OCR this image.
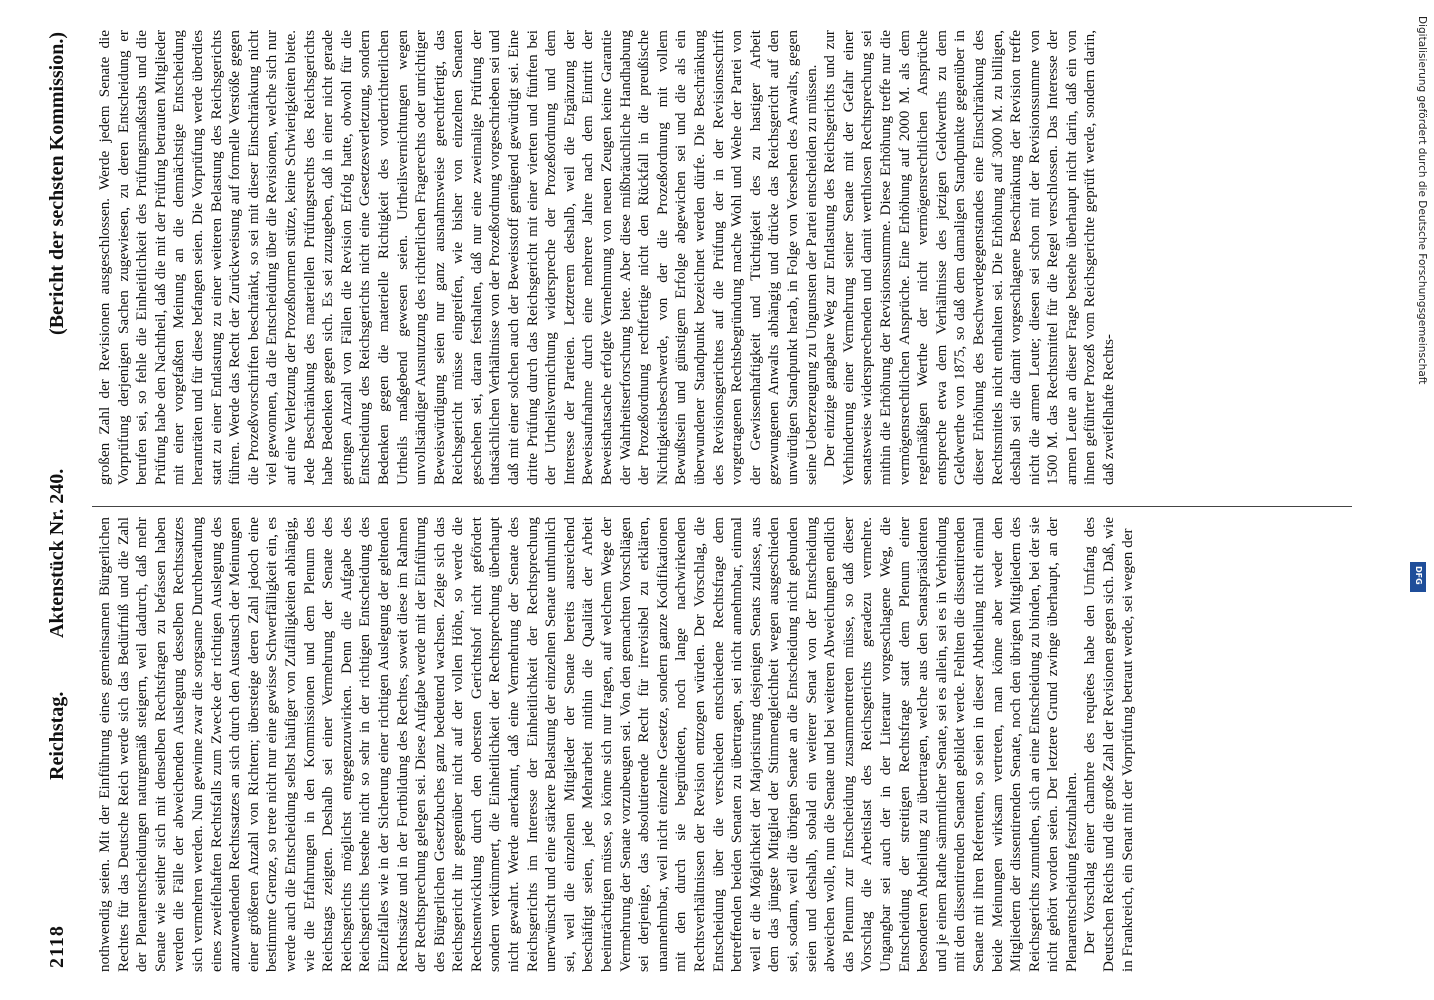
2118
Reichstag.
Aktenstück Nr. 240.
(Bericht der sechsten Kommission.)

nothwendig seien. Mit der Einführung eines gemeinsamen Bürgerlichen Rechtes für das Deutsche Reich werde sich das Bedürfniß und die Zahl der Plenarentscheidungen naturgemäß steigern, weil dadurch, daß mehr Senate wie seither sich mit denselben Rechtsfragen zu befassen haben werden die Fälle der abweichenden Auslegung desselben Rechtssatzes sich vermehren werden. Nun gewinne zwar die sorgsame Durchberathung eines zweifelhaften Rechtsfalls zum Zwecke der richtigen Auslegung des anzuwendenden Rechtssatzes an sich durch den Austausch der Meinungen einer größeren Anzahl von Richtern; übersteige deren Zahl jedoch eine bestimmte Grenze, so trete nicht nur eine gewisse Schwerfälligkeit ein, es werde auch die Entscheidung selbst häufiger von Zufälligkeiten abhängig, wie die Erfahrungen in den Kommissionen und dem Plenum des Reichstags zeigten. Deshalb sei einer Vermehrung der Senate des Reichsgerichts möglichst entgegenzuwirken. Denn die Aufgabe des Reichsgerichts bestehe nicht so sehr in der richtigen Entscheidung des Einzelfalles wie in der Sicherung einer richtigen Auslegung der geltenden Rechtssätze und in der Fortbildung des Rechtes, soweit diese im Rahmen der Rechtsprechung gelegen sei. Diese Aufgabe werde mit der Einführung des Bürgerlichen Gesetzbuches ganz bedeutend wachsen. Zeige sich das Reichsgericht ihr gegenüber nicht auf der vollen Höhe, so werde die Rechtsentwicklung durch den obersten Gerichtshof nicht gefördert sondern verkümmert, die Einheitlichkeit der Rechtsprechung überhaupt nicht gewahrt. Werde anerkannt, daß eine Vermehrung der Senate des Reichsgerichts im Interesse der Einheitlichkeit der Rechtsprechung unerwünscht und eine stärkere Belastung der einzelnen Senate unthunlich sei, weil die einzelnen Mitglieder der Senate bereits ausreichend beschäftigt seien, jede Mehrarbeit mithin die Qualität der Arbeit beeinträchtigen müsse, so könne sich nur fragen, auf welchem Wege der Vermehrung der Senate vorzubeugen sei. Von den gemachten Vorschlägen sei derjenige, das absolutierende Recht für irrevisibel zu erklären, unannehmbar, weil nicht einzelne Gesetze, sondern ganze Kodifikationen mit den durch sie begründeten, noch lange nachwirkenden Rechtsverhältnissen der Revision entzogen würden. Der Vorschlag, die Entscheidung über die verschieden entschiedene Rechtsfrage dem betreffenden beiden Senaten zu übertragen, sei nicht annehmbar, einmal weil er die Möglichkeit der Majorisirung desjenigen Senats zulasse, aus dem das jüngste Mitglied der Stimmengleichheit wegen ausgeschieden sei, sodann, weil die übrigen Senate an die Entscheidung nicht gebunden seien und deshalb, sobald ein weiterer Senat von der Entscheidung abweichen wolle, nun die Senate und bei weiteren Abweichungen endlich das Plenum zur Entscheidung zusammentreten müsse, so daß dieser Vorschlag die Arbeitslast des Reichsgerichts geradezu vermehre. Ungangbar sei auch der in der Literatur vorgeschlagene Weg, die Entscheidung der streitigen Rechtsfrage statt dem Plenum einer besonderen Abtheilung zu übertragen, welche aus den Senatspräsidenten und je einem Rathe sämmtlicher Senate, sei es allein, sei es in Verbindung mit den dissentirenden Senaten gebildet werde. Fehlten die dissentirenden Senate mit ihren Referenten, so seien in dieser Abtheilung nicht einmal beide Meinungen wirksam vertreten, man könne aber weder den Mitgliedern der dissentirenden Senate, noch den übrigen Mitgliedern des Reichsgerichts zumuthen, sich an eine Entscheidung zu binden, bei der sie nicht gehört worden seien. Der letztere Grund zwinge überhaupt, an der Plenarentscheidung festzuhalten. Der Vorschlag einer chambre des requêtes habe den Umfang des Deutschen Reichs und die große Zahl der Revisionen gegen sich. Daß, wie in Frankreich, ein Senat mit der Vorprüfung betraut werde, sei wegen der

großen Zahl der Revisionen ausgeschlossen. Werde jedem Senate die Vorprüfung derjenigen Sachen zugewiesen, zu deren Entscheidung er berufen sei, so fehle die Einheitlichkeit des Prüfungsmaßstabs und die Prüfung habe den Nachtheil, daß die mit der Prüfung betrauten Mitglieder mit einer vorgefaßten Meinung an die demnächstige Entscheidung heranträten und für diese befangen seien. Die Vorprüfung werde überdies statt zu einer Entlastung zu einer weiteren Belastung des Reichsgerichts führen. Werde das Recht der Zurückweisung auf formelle Verstöße gegen die Prozeßvorschriften beschränkt, so sei mit dieser Einschränkung nicht viel gewonnen, da die Entscheidung über die Revisionen, welche sich nur auf eine Verletzung der Prozeßnormen stütze, keine Schwierigkeiten biete. Jede Beschränkung des materiellen Prüfungsrechts des Reichsgerichts habe Bedenken gegen sich. Es sei zuzugeben, daß in einer nicht gerade geringen Anzahl von Fällen die Revision Erfolg hatte, obwohl für die Entscheidung des Reichsgerichts nicht eine Gesetzesverletzung, sondern Bedenken gegen die materielle Richtigkeit des vorderrichterlichen Urtheils maßgebend gewesen seien. Urtheilsvernichtungen wegen unvollständiger Ausnutzung des richterlichen Fragerechts oder unrichtiger Beweiswürdigung seien nur ganz ausnahmsweise gerechtfertigt, das Reichsgericht müsse eingreifen, wie bisher von einzelnen Senaten geschehen sei, daran festhalten, daß nur eine zweimalige Prüfung der thatsächlichen Verhältnisse von der Prozeßordnung vorgeschrieben sei und daß mit einer solchen auch der Beweisstoff genügend gewürdigt sei. Eine dritte Prüfung durch das Reichsgericht mit einer vierten und fünften bei der Urtheilsvernichtung widerspreche der Prozeßordnung und dem Interesse der Parteien. Letzterem deshalb, weil die Ergänzung der Beweisaufnahme durch eine mehrere Jahre nach dem Eintritt der Beweisthatsache erfolgte Vernehmung von neuen Zeugen keine Garantie der Wahrheitserforschung biete. Aber diese mißbräuchliche Handhabung der Prozeßordnung rechtfertige nicht den Rückfall in die preußische Nichtigkeitsbeschwerde, von der die Prozeßordnung mit vollem Bewußtsein und günstigem Erfolge abgewichen sei und die als ein überwundener Standpunkt bezeichnet werden dürfe. Die Beschränkung des Revisionsgerichtes auf die Prüfung der in der Revisionsschrift vorgetragenen Rechtsbegründung mache Wohl und Wehe der Partei von der Gewissenhaftigkeit und Tüchtigkeit des zu hastiger Arbeit gezwungenen Anwalts abhängig und drücke das Reichsgericht auf den unwürdigen Standpunkt herab, in Folge von Versehen des Anwalts, gegen seine Ueberzeugung zu Ungunsten der Partei entscheiden zu müssen. Der einzige gangbare Weg zur Entlastung des Reichsgerichts und zur Verhinderung einer Vermehrung seiner Senate mit der Gefahr einer senatsweise widersprechenden und damit werthlosen Rechtsprechung sei mithin die Erhöhung der Revisionssumme. Diese Erhöhung treffe nur die vermögensrechtlichen Ansprüche. Eine Erhöhung auf 2000 M. als dem regelmäßigen Werthe der nicht vermögensrechtlichen Ansprüche entspreche etwa dem Verhältnisse des jetzigen Geldwerths zu dem Geldwerthe von 1875, so daß dem damaligen Standpunkte gegenüber in dieser Erhöhung des Beschwerdegegenstandes eine Einschränkung des Rechtsmittels nicht enthalten sei. Die Erhöhung auf 3000 M. zu billigen, deshalb sei die damit vorgeschlagene Beschränkung der Revision treffe nicht die armen Leute; diesen sei schon mit der Revisionssumme von 1500 M. das Rechtsmittel für die Regel verschlossen. Das Interesse der armen Leute an dieser Frage bestehe überhaupt nicht darin, daß ein von ihnen geführter Prozeß vom Reichsgerichte geprüft werde, sondern darin, daß zweifelhafte Rechts-

Digitalisierung gefördert durch die Deutsche Forschungsgemeinschaft
DFG
